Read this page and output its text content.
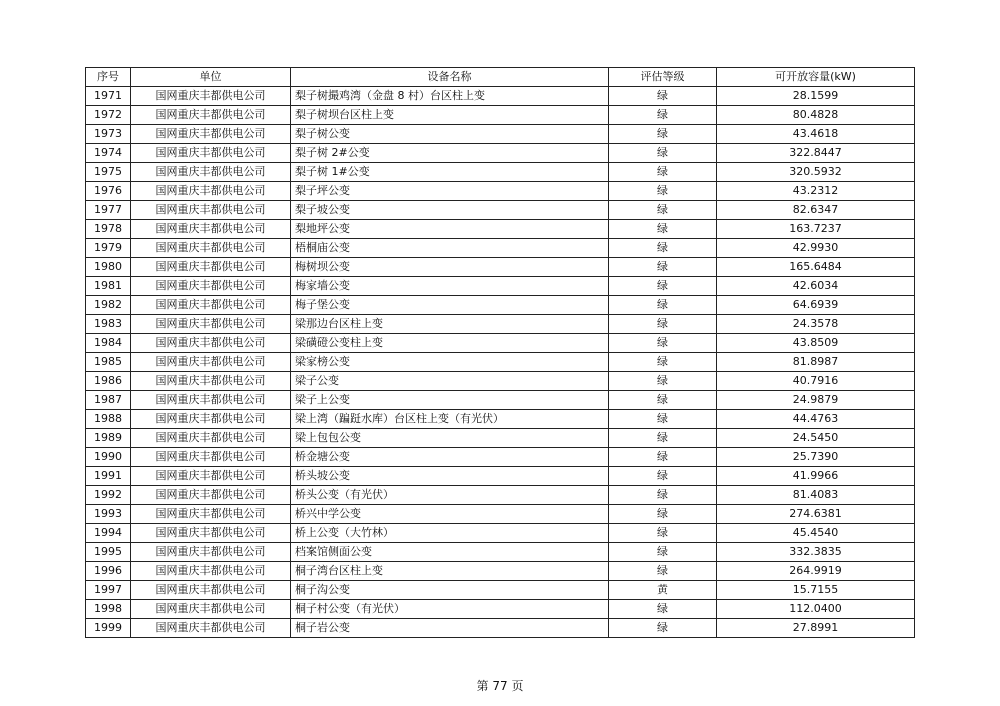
序号	单位	设备名称	评估等级	可开放容量(kW)
1971	国网重庆丰都供电公司	梨子树撮鸡湾（金盘 8 村）台区柱上变	绿	28.1599
1972	国网重庆丰都供电公司	梨子树坝台区柱上变	绿	80.4828
1973	国网重庆丰都供电公司	梨子树公变	绿	43.4618
1974	国网重庆丰都供电公司	梨子树 2#公变	绿	322.8447
1975	国网重庆丰都供电公司	梨子树 1#公变	绿	320.5932
1976	国网重庆丰都供电公司	梨子坪公变	绿	43.2312
1977	国网重庆丰都供电公司	梨子坡公变	绿	82.6347
1978	国网重庆丰都供电公司	梨地坪公变	绿	163.7237
1979	国网重庆丰都供电公司	梧桐庙公变	绿	42.9930
1980	国网重庆丰都供电公司	梅树坝公变	绿	165.6484
1981	国网重庆丰都供电公司	梅家墙公变	绿	42.6034
1982	国网重庆丰都供电公司	梅子堡公变	绿	64.6939
1983	国网重庆丰都供电公司	梁那边台区柱上变	绿	24.3578
1984	国网重庆丰都供电公司	梁磺磴公变柱上变	绿	43.8509
1985	国网重庆丰都供电公司	梁家榜公变	绿	81.8987
1986	国网重庆丰都供电公司	梁子公变	绿	40.7916
1987	国网重庆丰都供电公司	梁子上公变	绿	24.9879
1988	国网重庆丰都供电公司	梁上湾（蹁跹水库）台区柱上变（有光伏）	绿	44.4763
1989	国网重庆丰都供电公司	梁上包包公变	绿	24.5450
1990	国网重庆丰都供电公司	桥金塘公变	绿	25.7390
1991	国网重庆丰都供电公司	桥头坡公变	绿	41.9966
1992	国网重庆丰都供电公司	桥头公变（有光伏）	绿	81.4083
1993	国网重庆丰都供电公司	桥兴中学公变	绿	274.6381
1994	国网重庆丰都供电公司	桥上公变（大竹林）	绿	45.4540
1995	国网重庆丰都供电公司	档案馆侧面公变	绿	332.3835
1996	国网重庆丰都供电公司	桐子湾台区柱上变	绿	264.9919
1997	国网重庆丰都供电公司	桐子沟公变	黄	15.7155
1998	国网重庆丰都供电公司	桐子村公变（有光伏）	绿	112.0400
1999	国网重庆丰都供电公司	桐子岩公变	绿	27.8991
第 77 页
